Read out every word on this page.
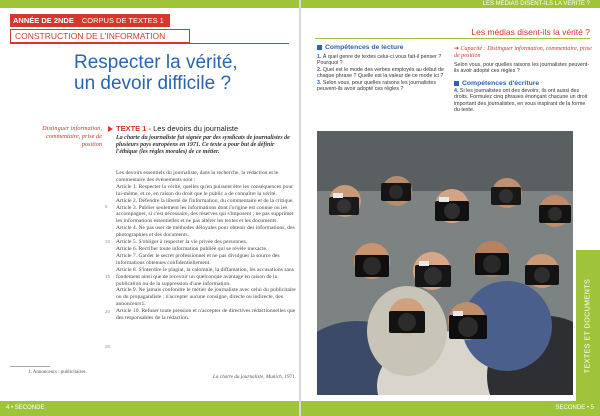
ANNÉE DE 2NDE CORPUS DE TEXTES 1
CONSTRUCTION DE L'INFORMATION
Respecter la vérité,
un devoir difficile ?
Distinguer information, commentaire, prise de position
TEXTE 1 - Les devoirs du journaliste
La charte du journaliste fut signée par des syndicats de journalistes de plusieurs pays européens en 1971. Ce texte a pour but de définir l'éthique (les règles morales) de ce métier.

Les devoirs essentiels du journaliste, dans la recherche, la rédaction et le commentaire des événements sont :

Article 1. Respecter la vérité, quelles qu'en puissent être les conséquences pour lui-même, et ce, en raison du droit que le public a de connaître la vérité.

Article 2. Défendre la liberté de l'information, du commentaire et de la critique.

Article 3. Publier seulement les informations dont l'origine est connue ou les accompagner, si c'est nécessaire, des réserves qui s'imposent ; ne pas supprimer les informations essentielles et ne pas altérer les textes et les documents.

Article 4. Ne pas user de méthodes déloyales pour obtenir des informations, des photographies et des documents.

Article 5. S'obliger à respecter la vie privée des personnes.

Article 6. Rectifier toute information publiée qui se révèle inexacte.

Article 7. Garder le secret professionnel et ne pas divulguer la source des informations obtenues confidentiellement.

Article 8. S'interdire le plagiat, la calomnie, la diffamation, les accusations sans fondement ainsi que de recevoir un quelconque avantage en raison de la publication ou de la suppression d'une information.

Article 9. Ne jamais confondre le métier de journaliste avec celui du publicitaire ou du propagandiste ; n'accepter aucune consigne, directe ou indirecte, des annonceurs1.

Article 10. Refuser toute pression et n'accepter de directives rédactionnelles que des responsables de la rédaction.

5
10
15
20
25
La charte du journaliste, Munich, 1971.
1. Annonceurs : publicitaires.
4 • SECONDE
LES MÉDIAS DISENT-ILS LA VÉRITÉ ?
Les médias disent-ils la vérité ?
Compétences de lecture
1. À quel genre de textes celui-ci vous fait-il penser ? Pourquoi ?
2. Quel est le mode des verbes employés au début de chaque phrase ? Quelle est la valeur de ce mode ici ?
3. Selon vous, pour quelles raisons les journalistes peuvent-ils avoir adopté ces règles ?
➜ Capacité : Distinguer information, commentaire, prise de position
Selon vous, pour quelles raisons les journalistes peuvent-ils avoir adopté ces règles ?
Compétences d'écriture
4. Si les journalistes ont des devoirs, ils ont aussi des droits. Formulez cinq phrases énonçant chacune un droit important des journalistes, en vous inspirant de la forme du texte.
TEXTES ET DOCUMENTS
SECONDE • 5
